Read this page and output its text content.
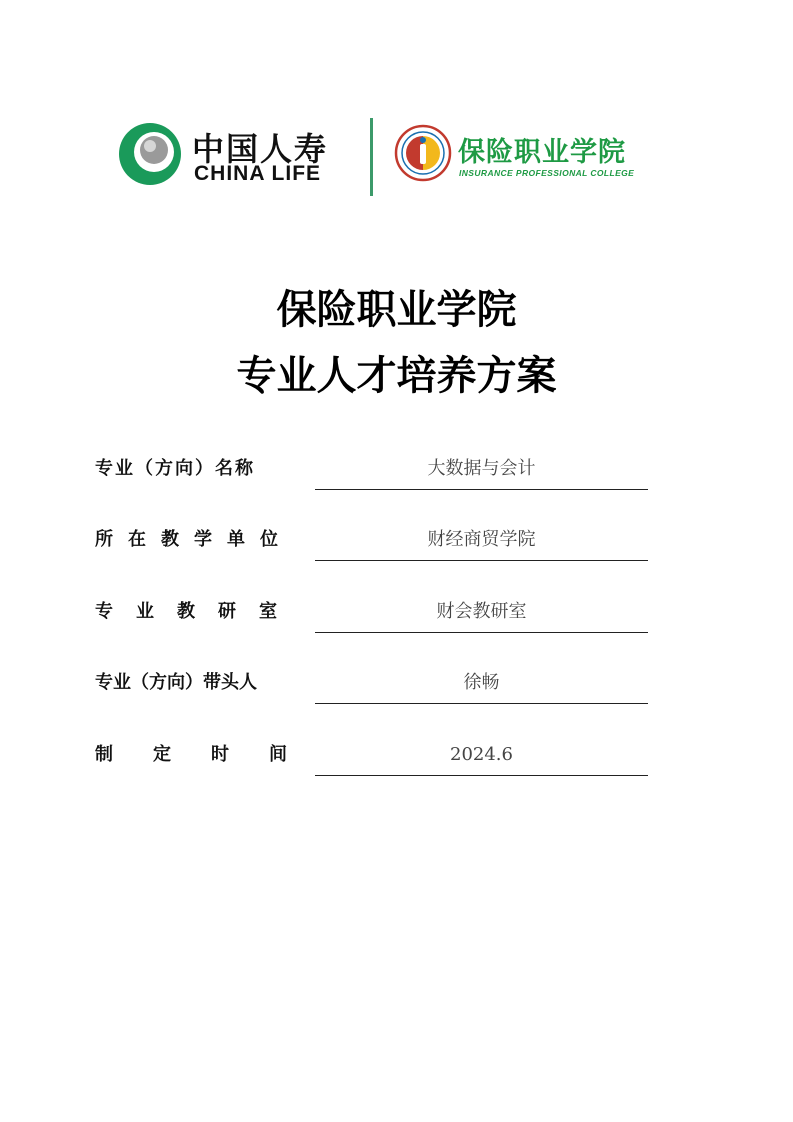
中国人寿
CHINA LIFE
保险职业学院
INSURANCE PROFESSIONAL COLLEGE
保险职业学院
专业人才培养方案
专业（方向）名称	大数据与会计
所在教学单位	财经商贸学院
专业教研室	财会教研室
专业（方向）带头人	徐畅
制定时间	2024.6
